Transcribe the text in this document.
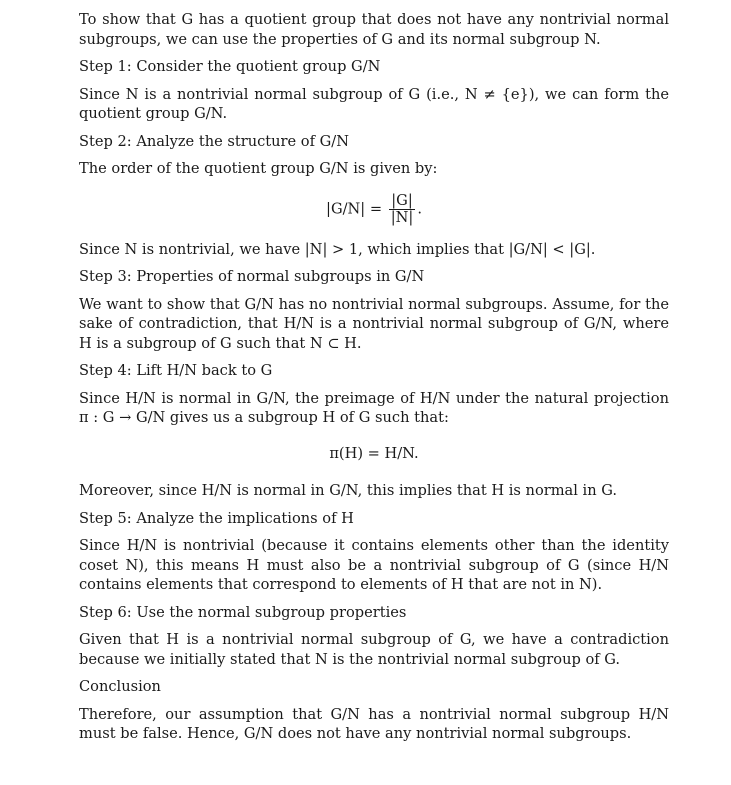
To show that G has a quotient group that does not have any nontrivial normal subgroups, we can use the properties of G and its normal subgroup N.

Step 1: Consider the quotient group G/N

Since N is a nontrivial normal subgroup of G (i.e., N ≠ {e}), we can form the quotient group G/N.

Step 2: Analyze the structure of G/N

The order of the quotient group G/N is given by:

$|G/N| = \frac{|G|}{|N|}$ .

Since N is nontrivial, we have |N| > 1, which implies that |G/N| < |G|.

Step 3: Properties of normal subgroups in G/N

We want to show that G/N has no nontrivial normal subgroups. Assume, for the sake of contradiction, that H/N is a nontrivial normal subgroup of G/N, where H is a subgroup of G such that N ⊂ H.

Step 4: Lift H/N back to G

Since H/N is normal in G/N, the preimage of H/N under the natural projection π : G → G/N gives us a subgroup H of G such that:

π(H) = H/N.

Moreover, since H/N is normal in G/N, this implies that H is normal in G.

Step 5: Analyze the implications of H

Since H/N is nontrivial (because it contains elements other than the identity coset N), this means H must also be a nontrivial subgroup of G (since H/N contains elements that correspond to elements of H that are not in N).

Step 6: Use the normal subgroup properties

Given that H is a nontrivial normal subgroup of G, we have a contradiction because we initially stated that N is the nontrivial normal subgroup of G.

Conclusion

Therefore, our assumption that G/N has a nontrivial normal subgroup H/N must be false. Hence, G/N does not have any nontrivial normal subgroups.
